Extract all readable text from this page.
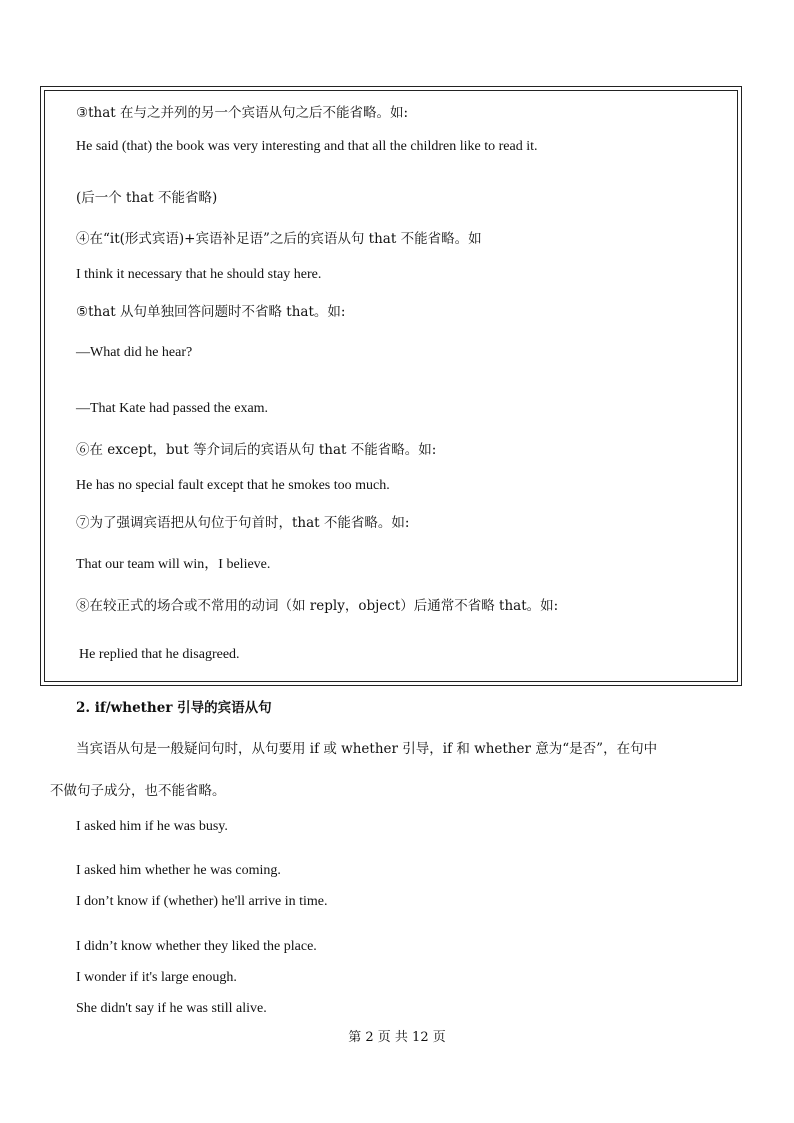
③that 在与之并列的另一个宾语从句之后不能省略。如:
He said (that) the book was very interesting and that all the children like to read it.
(后一个 that 不能省略)
④在“it(形式宾语)+宾语补足语”之后的宾语从句 that 不能省略。如
I think it necessary that he should stay here.
⑤that 从句单独回答问题时不省略 that。如:
—What did he hear?
—That Kate had passed the exam.
⑥在 except，but 等介词后的宾语从句 that 不能省略。如:
He has no special fault except that he smokes too much.
⑦为了强调宾语把从句位于句首时，that 不能省略。如:
That our team will win，I believe.
⑧在较正式的场合或不常用的动词（如 reply，object）后通常不省略 that。如:
He replied that he disagreed.
2. if/whether 引导的宾语从句
当宾语从句是一般疑问句时，从句要用 if 或 whether 引导，if 和 whether 意为“是否”，在句中
不做句子成分，也不能省略。
I asked him if he was busy.
I asked him whether he was coming.
I don’t know if (whether) he'll arrive in time.
I didn’t know whether they liked the place.
I wonder if it's large enough.
She didn't say if he was still alive.
第 2 页 共 12 页
